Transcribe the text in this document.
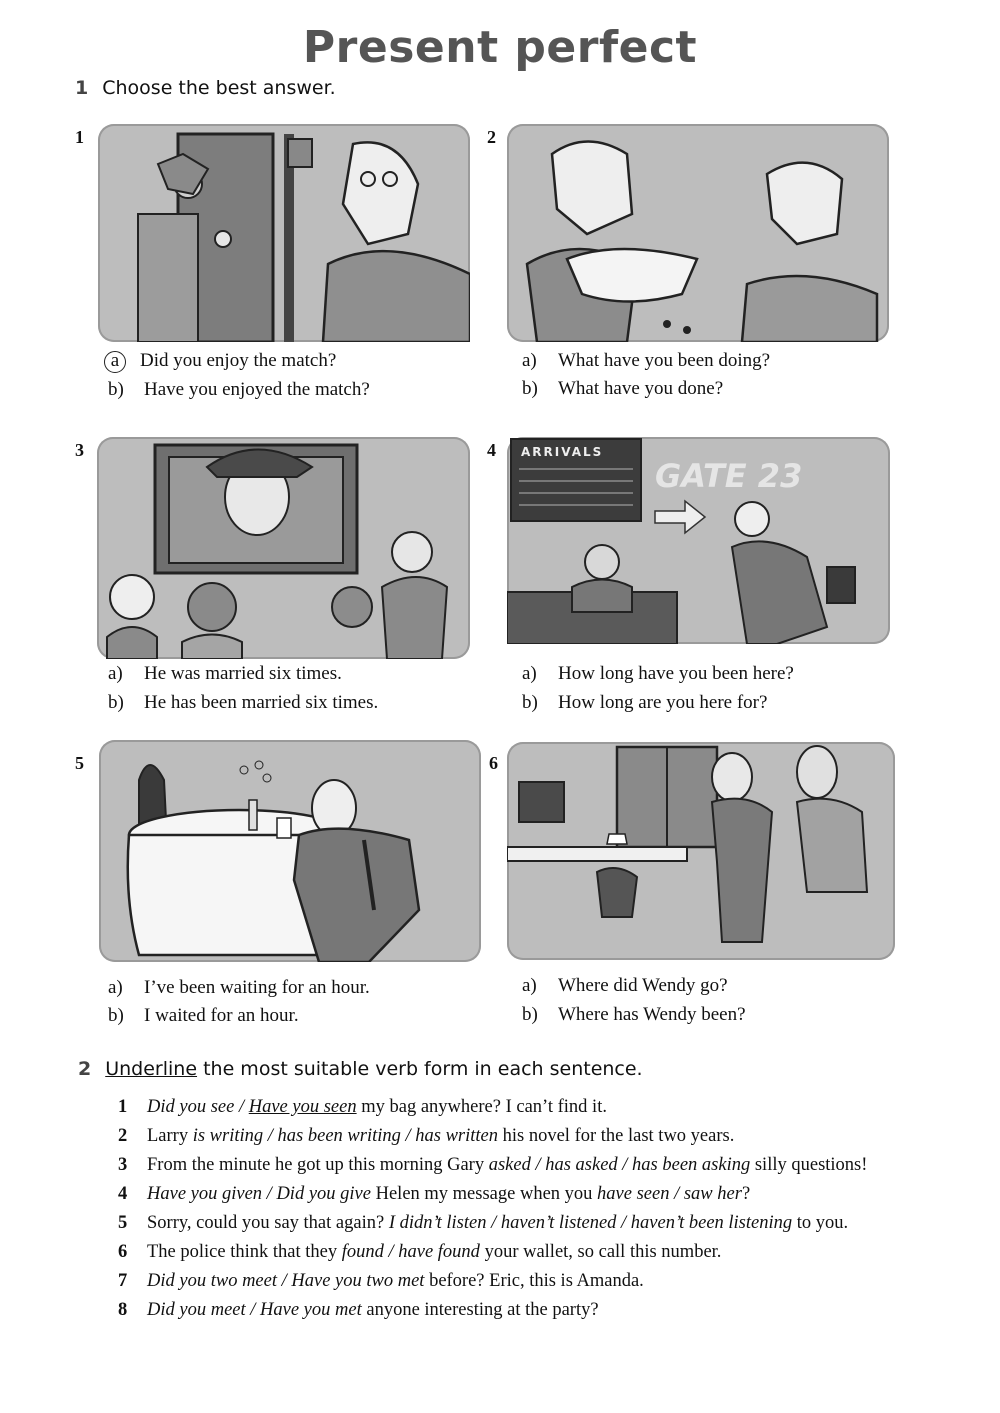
Present perfect
1 Choose the best answer.
1
a Did you enjoy the match?
b) Have you enjoyed the match?
2
a) What have you been doing?
b) What have you done?
3
a) He was married six times.
b) He has been married six times.
4 ARRIVALS
GATE 23
a) How long have you been here?
b) How long are you here for?
5
a) I’ve been waiting for an hour.
b) I waited for an hour.
6
a) Where did Wendy go?
b) Where has Wendy been?
2 Underline the most suitable verb form in each sentence.
1 Did you see / Have you seen my bag anywhere? I can’t find it.
2 Larry is writing / has been writing / has written his novel for the last two years.
3 From the minute he got up this morning Gary asked / has asked / has been asking silly questions!
4 Have you given / Did you give Helen my message when you have seen / saw her?
5 Sorry, could you say that again? I didn’t listen / haven’t listened / haven’t been listening to you.
6 The police think that they found / have found your wallet, so call this number.
7 Did you two meet / Have you two met before? Eric, this is Amanda.
8 Did you meet / Have you met anyone interesting at the party?
